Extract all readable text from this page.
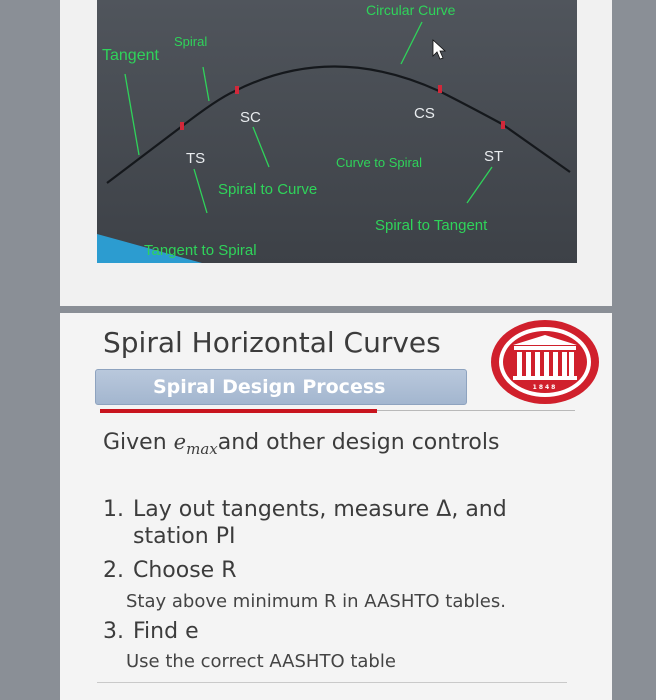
Circular Curve
Tangent
Spiral
SC	CS
TS	ST
Curve to Spiral
Spiral to Curve
Spiral to Tangent
Tangent to Spiral
Spiral Horizontal Curves
1848
Spiral Design Process
Given $e_{max}and$ other design controls
1. Lay out tangents, measure Δ, and
station PI
2. Choose R
Stay above minimum R in AASHTO tables.
3. Find e
Use the correct AASHTO table
